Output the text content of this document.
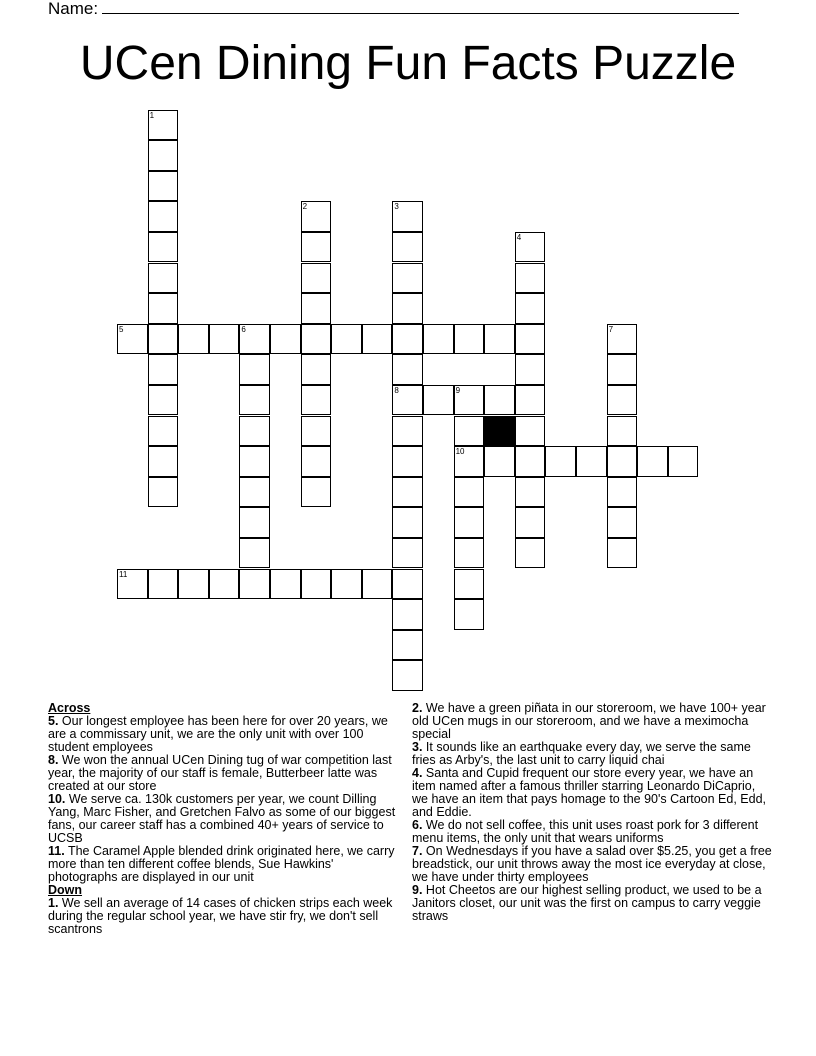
Name:
UCen Dining Fun Facts Puzzle
1
2	3
8
4
5	6	7
9
10
11
Across
5. Our longest employee has been here for over 20 years, we are a commissary unit, we are the only unit with over 100 student employees
8. We won the annual UCen Dining tug of war competition last year, the majority of our staff is female, Butterbeer latte was created at our store
10. We serve ca. 130k customers per year, we count Dilling Yang, Marc Fisher, and Gretchen Falvo as some of our biggest fans, our career staff has a combined 40+ years of service to UCSB
11. The Caramel Apple blended drink originated here, we carry more than ten different coffee blends, Sue Hawkins' photographs are displayed in our unit
Down
1. We sell an average of 14 cases of chicken strips each week during the regular school year, we have stir fry, we don't sell scantrons
2. We have a green piñata in our storeroom, we have 100+ year old UCen mugs in our storeroom, and we have a meximocha special
3. It sounds like an earthquake every day, we serve the same fries as Arby's, the last unit to carry liquid chai
4. Santa and Cupid frequent our store every year, we have an item named after a famous thriller starring Leonardo DiCaprio, we have an item that pays homage to the 90's Cartoon Ed, Edd, and Eddie.
6. We do not sell coffee, this unit uses roast pork for 3 different menu items, the only unit that wears uniforms
7. On Wednesdays if you have a salad over $5.25, you get a free breadstick, our unit throws away the most ice everyday at close, we have under thirty employees
9. Hot Cheetos are our highest selling product, we used to be a Janitors closet, our unit was the first on campus to carry veggie straws
